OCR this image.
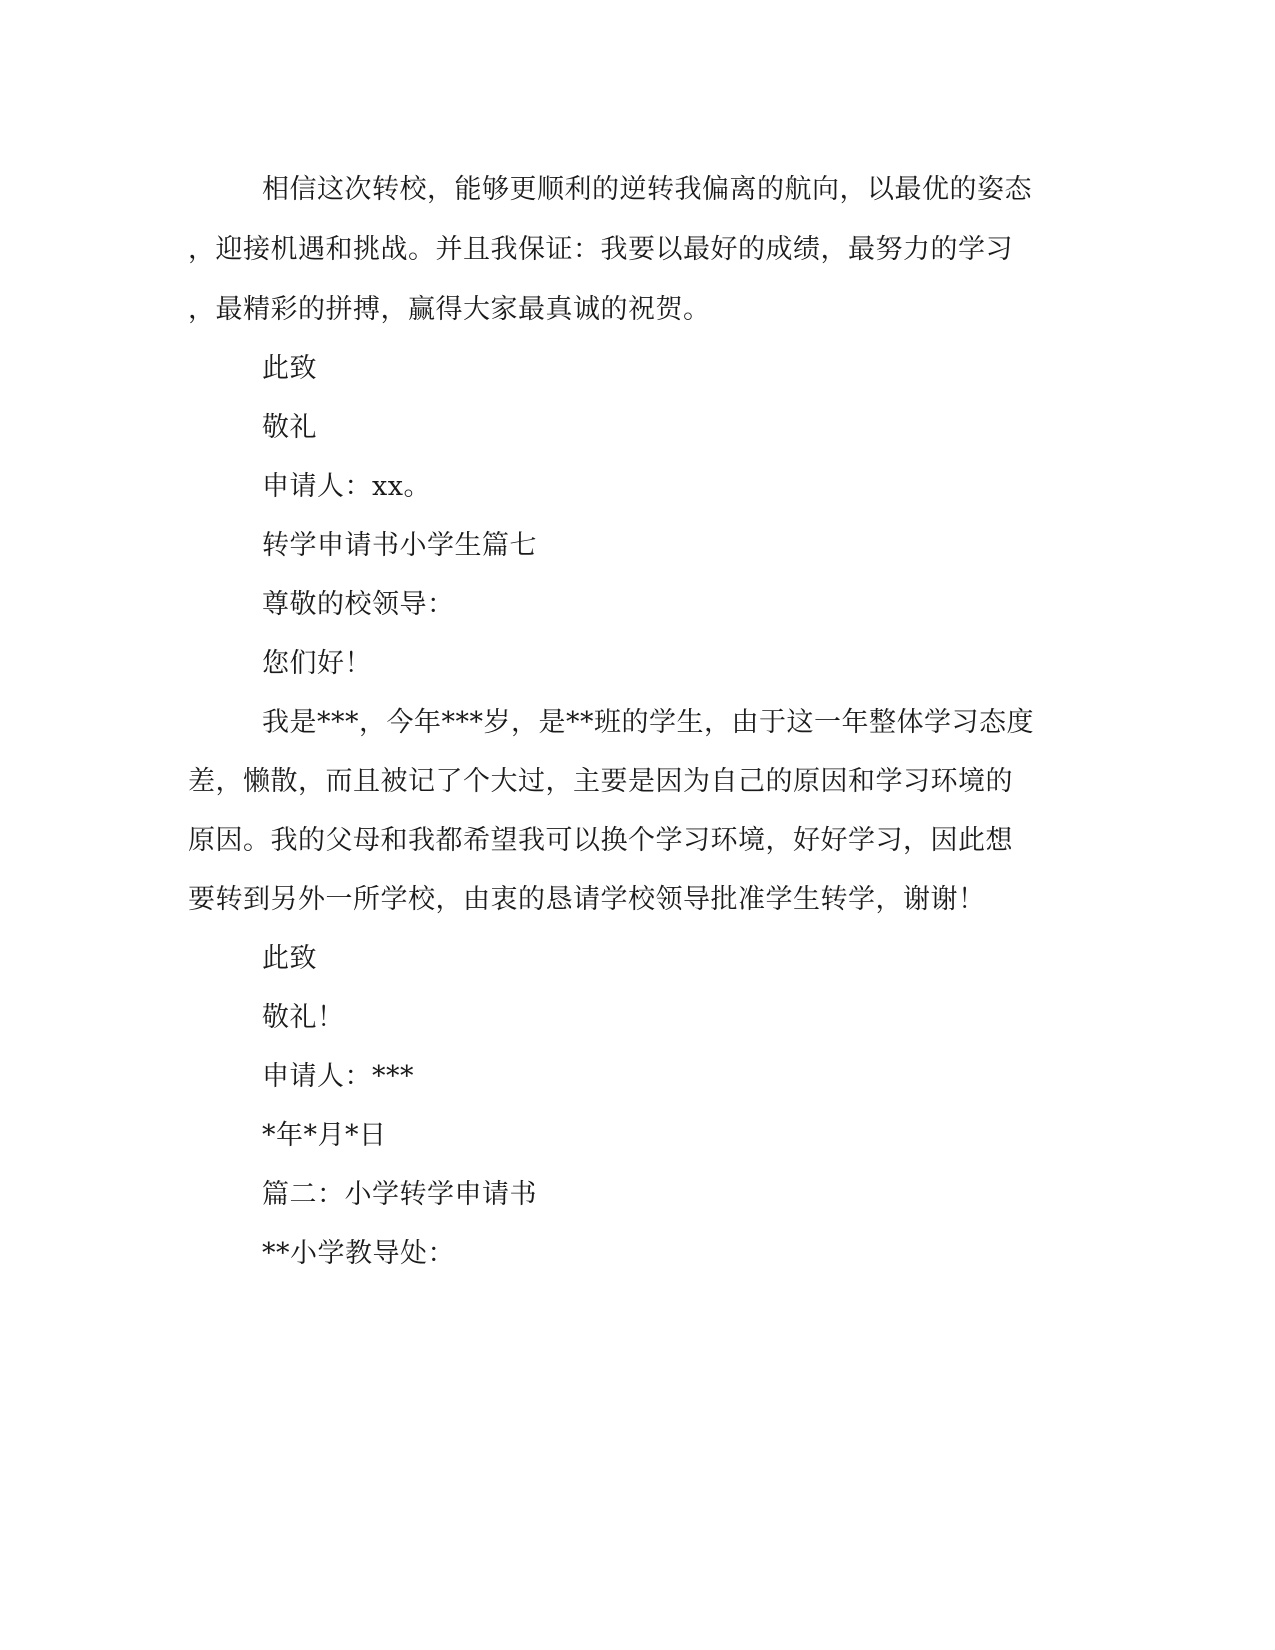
相信这次转校，能够更顺利的逆转我偏离的航向，以最优的姿态
，迎接机遇和挑战。并且我保证：我要以最好的成绩，最努力的学习
，最精彩的拼搏，赢得大家最真诚的祝贺。
此致
敬礼
申请人：xx。
转学申请书小学生篇七
尊敬的校领导：
您们好！
我是***，今年***岁，是**班的学生，由于这一年整体学习态度
差，懒散，而且被记了个大过，主要是因为自己的原因和学习环境的
原因。我的父母和我都希望我可以换个学习环境，好好学习，因此想
要转到另外一所学校，由衷的恳请学校领导批准学生转学，谢谢！
此致
敬礼！
申请人：***
*年*月*日
篇二：小学转学申请书
**小学教导处：
